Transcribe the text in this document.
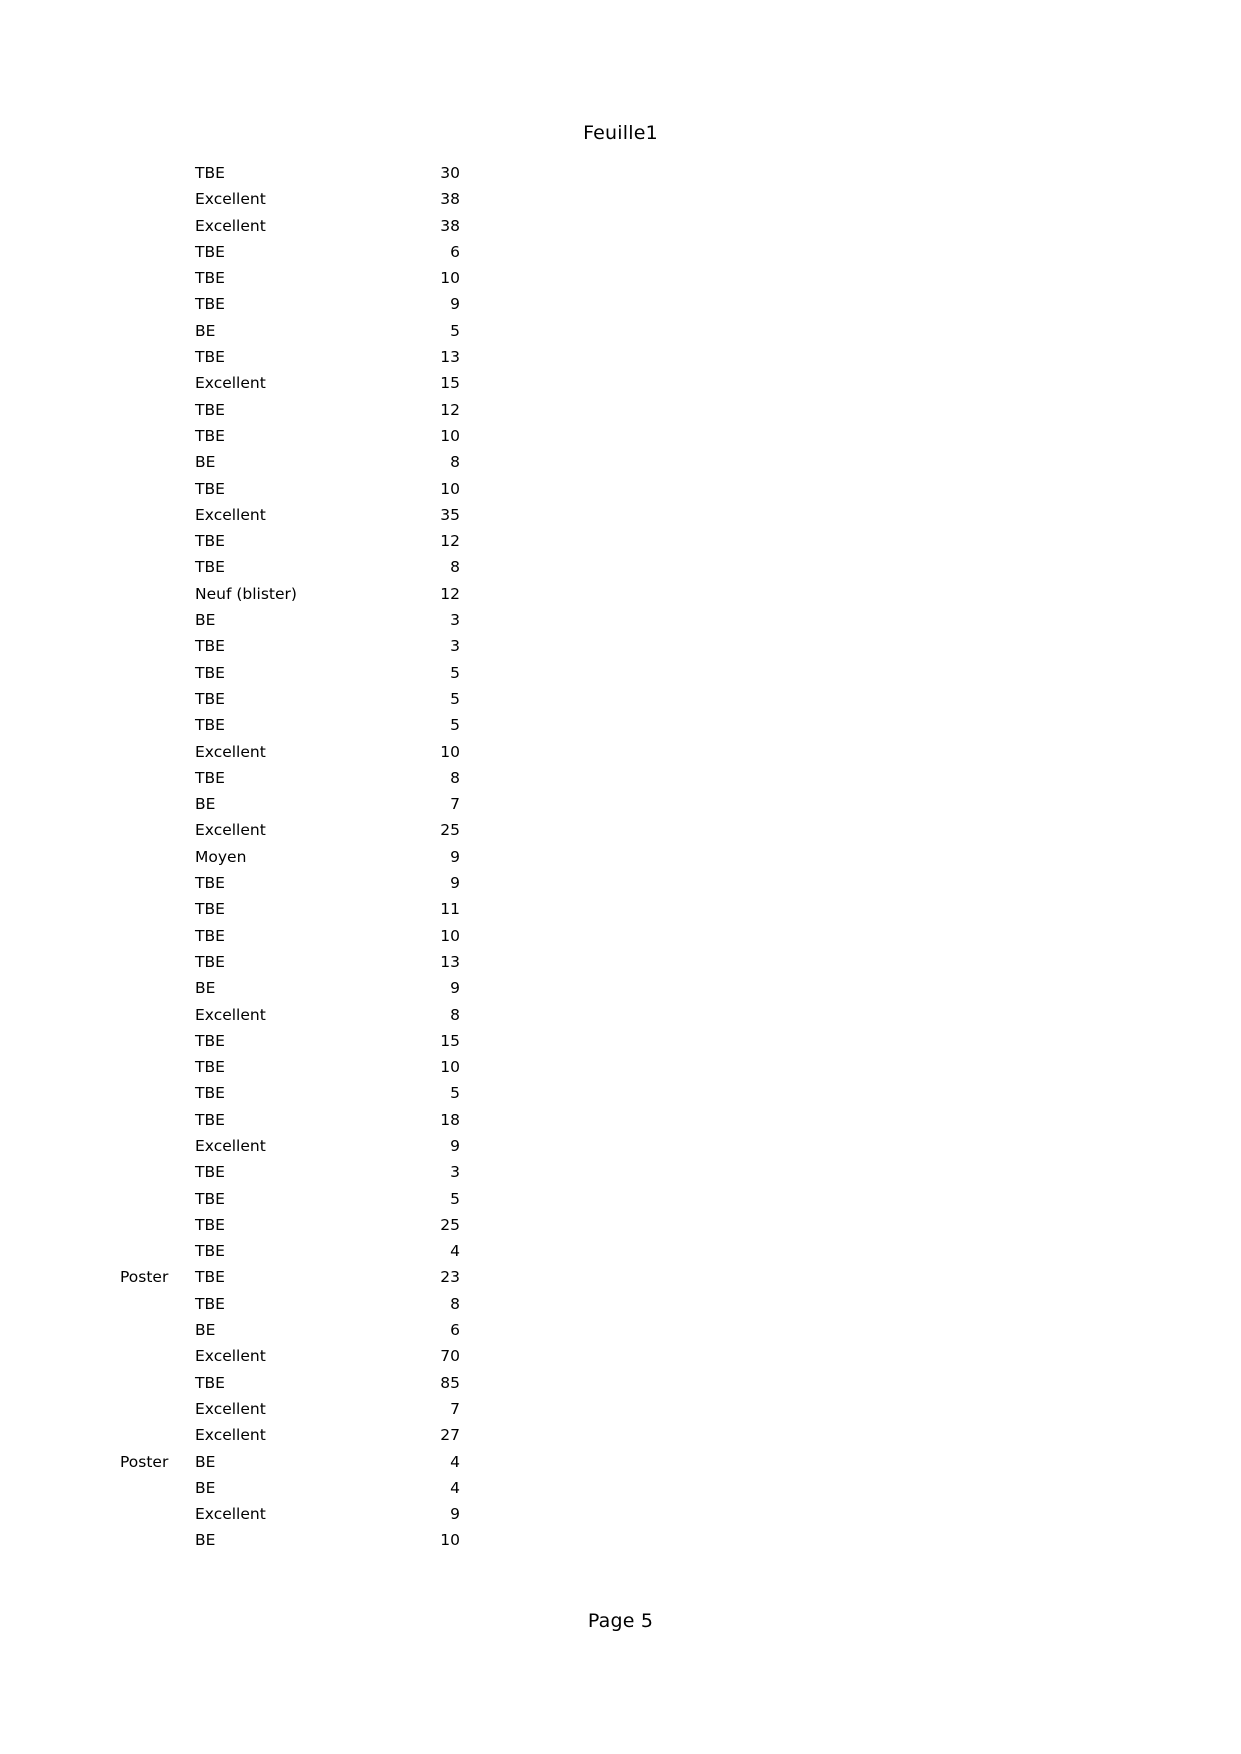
Feuille1
	TBE	30	
	Excellent	38	
	Excellent	38	
	TBE	6	
	TBE	10	
	TBE	9	
	BE	5	
	TBE	13	
	Excellent	15	
	TBE	12	
	TBE	10	
	BE	8	
	TBE	10	
	Excellent	35	
	TBE	12	
	TBE	8	
	Neuf (blister)	12	
	BE	3	
	TBE	3	
	TBE	5	
	TBE	5	
	TBE	5	
	Excellent	10	
	TBE	8	
	BE	7	
	Excellent	25	
	Moyen	9	
	TBE	9	
	TBE	11	
	TBE	10	
	TBE	13	
	BE	9	
	Excellent	8	
	TBE	15	
	TBE	10	
	TBE	5	
	TBE	18	
	Excellent	9	
	TBE	3	
	TBE	5	
	TBE	25	
	TBE	4	
Poster	TBE	23	
	TBE	8	
	BE	6	
	Excellent	70	
	TBE	85	
	Excellent	7	
	Excellent	27	
Poster	BE	4	
	BE	4	
	Excellent	9	
	BE	10	
Page 5
